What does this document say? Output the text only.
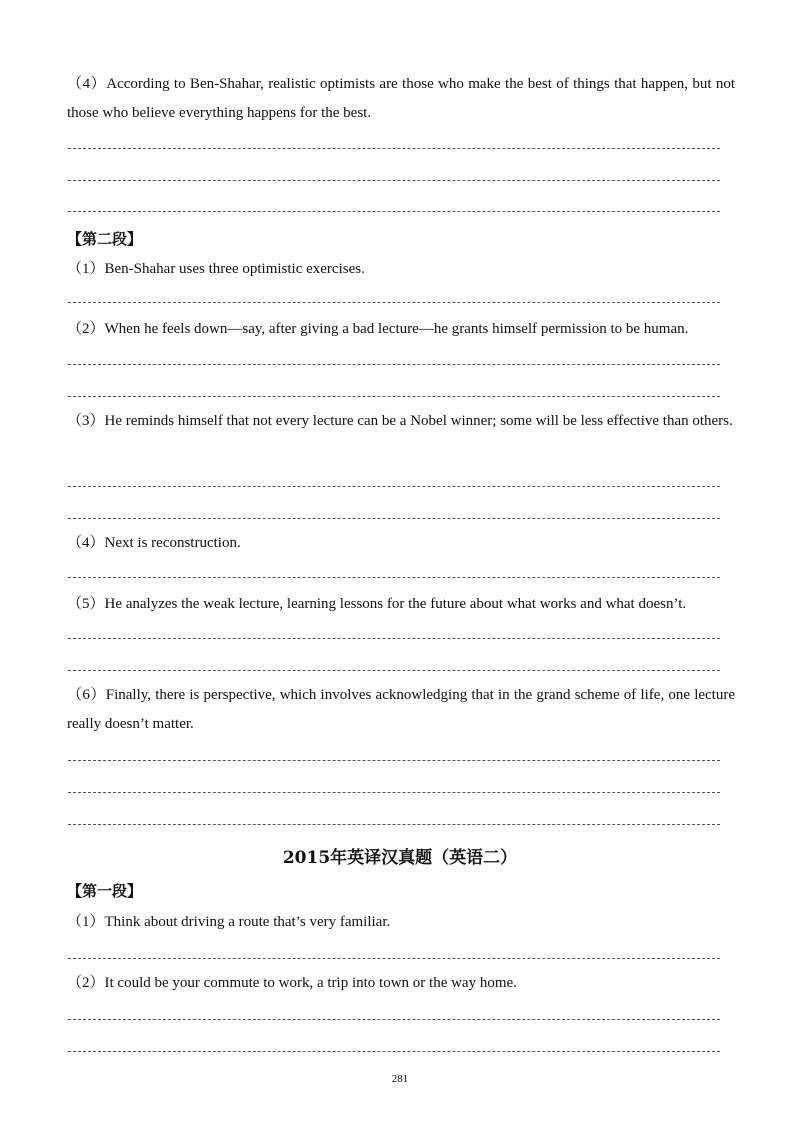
（4）According to Ben-Shahar, realistic optimists are those who make the best of things that happen, but not those who believe everything happens for the best.
【第二段】
（1）Ben-Shahar uses three optimistic exercises.
（2）When he feels down—say, after giving a bad lecture—he grants himself permission to be human.
（3）He reminds himself that not every lecture can be a Nobel winner; some will be less effective than others.
（4）Next is reconstruction.
（5）He analyzes the weak lecture, learning lessons for the future about what works and what doesn’t.
（6）Finally, there is perspective, which involves acknowledging that in the grand scheme of life, one lecture really doesn’t matter.
2015年英译汉真题（英语二）
【第一段】
（1）Think about driving a route that’s very familiar.
（2）It could be your commute to work, a trip into town or the way home.
281
